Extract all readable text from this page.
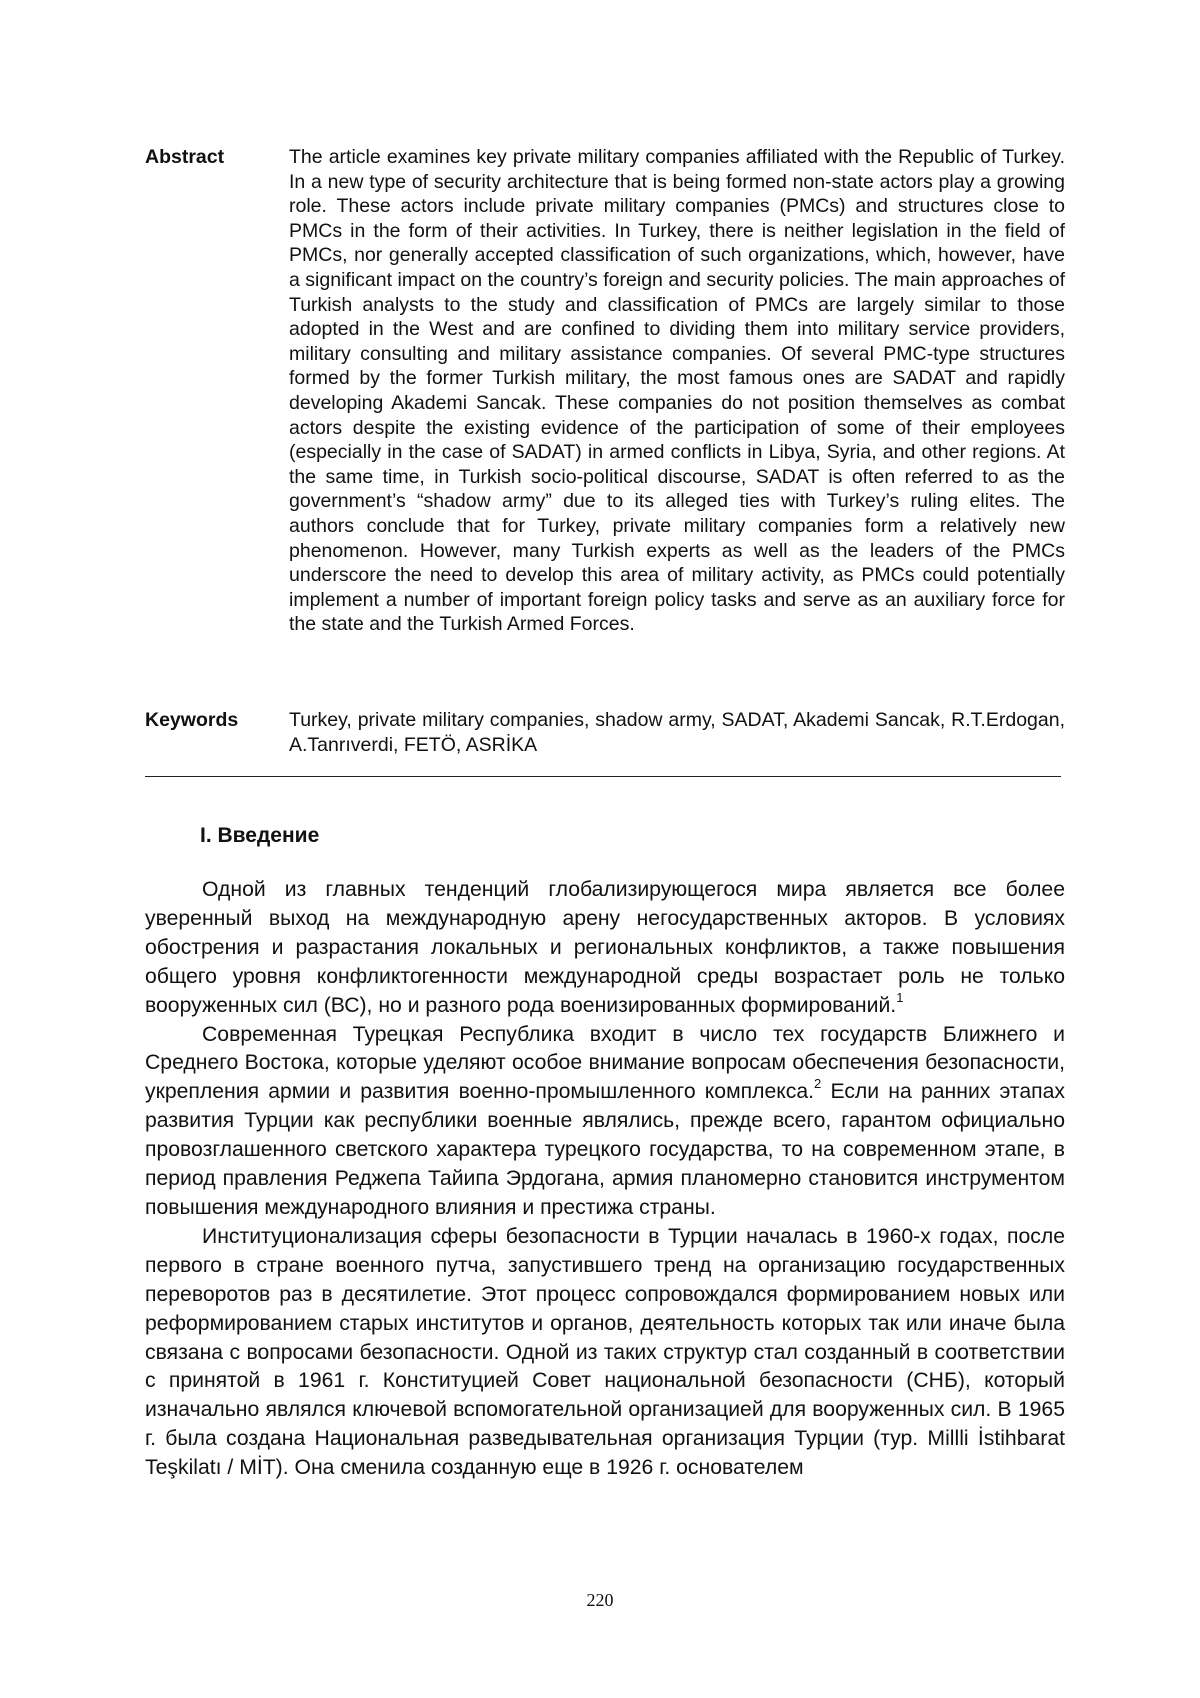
Abstract	The article examines key private military companies affiliated with the Republic of Turkey. In a new type of security architecture that is being formed non-state actors play a growing role. These actors include private military companies (PMCs) and structures close to PMCs in the form of their activities. In Turkey, there is neither legislation in the field of PMCs, nor generally accepted classification of such organizations, which, however, have a significant impact on the country’s foreign and security policies. The main approaches of Turkish analysts to the study and classification of PMCs are largely similar to those adopted in the West and are confined to dividing them into military service providers, military consulting and military assistance companies. Of several PMC-type structures formed by the former Turkish military, the most famous ones are SADAT and rapidly developing Akademi Sancak. These companies do not position themselves as combat actors despite the existing evidence of the participation of some of their employees (especially in the case of SADAT) in armed conflicts in Libya, Syria, and other regions. At the same time, in Turkish socio-political discourse, SADAT is often referred to as the government’s “shadow army” due to its alleged ties with Turkey’s ruling elites. The authors conclude that for Turkey, private military companies form a relatively new phenomenon. However, many Turkish experts as well as the leaders of the PMCs underscore the need to develop this area of military activity, as PMCs could potentially implement a number of important foreign policy tasks and serve as an auxiliary force for the state and the Turkish Armed Forces.
Keywords	Turkey, private military companies, shadow army, SADAT, Akademi Sancak, R.T.Erdogan, A.Tanrıverdi, FETÖ, ASRİKA
I. Введение

Одной из главных тенденций глобализирующегося мира является все более уверенный выход на международную арену негосударственных акторов. В условиях обострения и разрастания локальных и региональных конфликтов, а также повышения общего уровня конфликтогенности международной среды возрастает роль не только вооруженных сил (ВС), но и разного рода военизированных формирований.$^1$

Современная Турецкая Республика входит в число тех государств Ближнего и Среднего Востока, которые уделяют особое внимание вопросам обеспечения безопасности, укрепления армии и развития военно-промышленного комплекса.$^2$ Если на ранних этапах развития Турции как республики военные являлись, прежде всего, гарантом официально провозглашенного светского характера турецкого государства, то на современном этапе, в период правления Реджепа Тайипа Эрдогана, армия планомерно становится инструментом повышения международного влияния и престижа страны.

Институционализация сферы безопасности в Турции началась в 1960-х годах, после первого в стране военного путча, запустившего тренд на организацию государственных переворотов раз в десятилетие. Этот процесс сопровождался формированием новых или реформированием старых институтов и органов, деятельность которых так или иначе была связана с вопросами безопасности. Одной из таких структур стал созданный в соответствии с принятой в 1961 г. Конституцией Совет национальной безопасности (СНБ), который изначально являлся ключевой вспомогательной организацией для вооруженных сил. В 1965 г. была создана Национальная разведывательная организация Турции (тур. Millli İstihbarat Teşkilatı / MİT). Она сменила созданную еще в 1926 г. основателем

220
